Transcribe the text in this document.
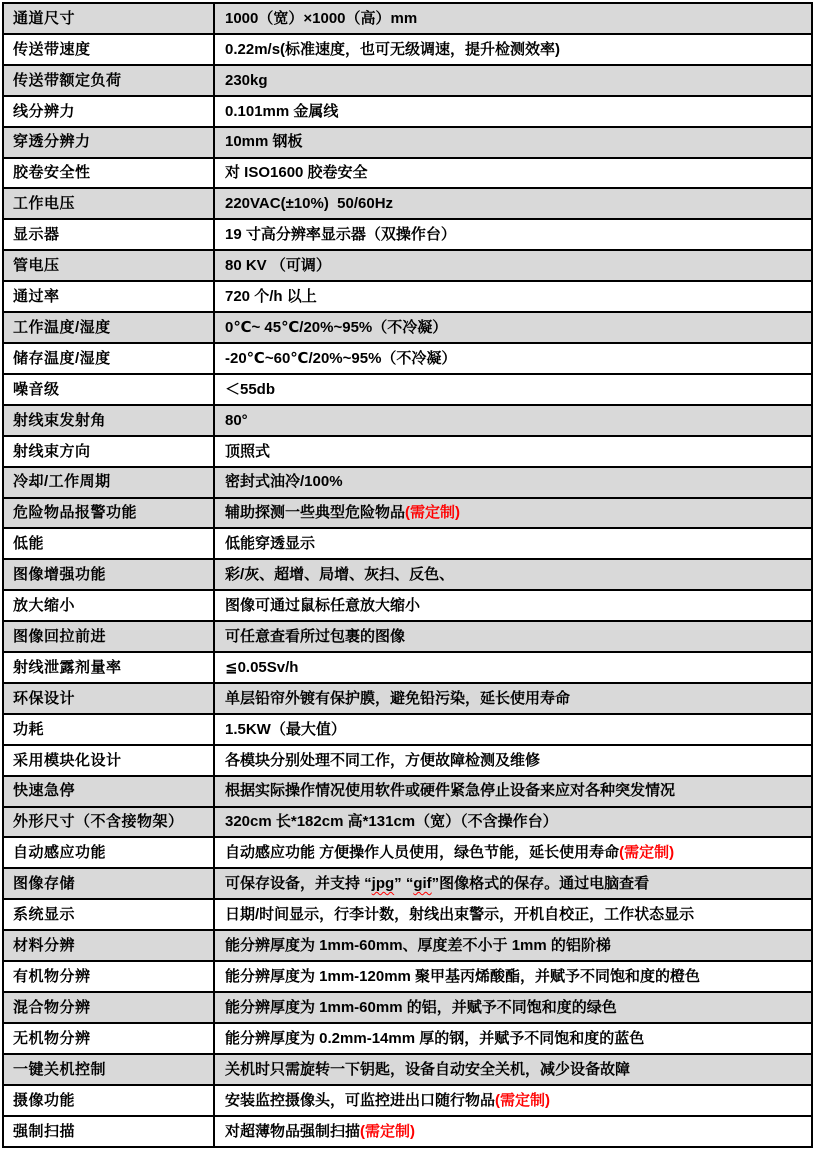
通道尺寸	1000（宽）×1000（高）mm
传送带速度	0.22m/s(标准速度，也可无级调速，提升检测效率)
传送带额定负荷	230kg
线分辨力	0.101mm 金属线
穿透分辨力	10mm 钢板
胶卷安全性	对 ISO1600 胶卷安全
工作电压	220VAC(±10%)  50/60Hz
显示器	19 寸高分辨率显示器（双操作台）
管电压	80 KV （可调）
通过率	720 个/h 以上
工作温度/湿度	0℃~ 45℃/20%~95%（不冷凝）
储存温度/湿度	-20℃~60℃/20%~95%（不冷凝）
噪音级	＜55db
射线束发射角	80°
射线束方向	顶照式
冷却/工作周期	密封式油冷/100%
危险物品报警功能	辅助探测一些典型危险物品(需定制)
低能	低能穿透显示
图像增强功能	彩/灰、超增、局增、灰扫、反色、
放大缩小	图像可通过鼠标任意放大缩小
图像回拉前进	可任意查看所过包裹的图像
射线泄露剂量率	≦0.05Sv/h
环保设计	单层铅帘外镀有保护膜，避免铅污染，延长使用寿命
功耗	1.5KW（最大值）
采用模块化设计	各模块分别处理不同工作，方便故障检测及维修
快速急停	根据实际操作情况使用软件或硬件紧急停止设备来应对各种突发情况
外形尺寸（不含接物架）	320cm 长*182cm 高*131cm（宽）（不含操作台）
自动感应功能	自动感应功能 方便操作人员使用，绿色节能，延长使用寿命(需定制)
图像存储	可保存设备，并支持 “jpg” “gif”图像格式的保存。通过电脑查看
系统显示	日期/时间显示，行李计数，射线出束警示，开机自校正，工作状态显示
材料分辨	能分辨厚度为 1mm-60mm、厚度差不小于 1mm 的铝阶梯
有机物分辨	能分辨厚度为 1mm-120mm 聚甲基丙烯酸酯，并赋予不同饱和度的橙色
混合物分辨	能分辨厚度为 1mm-60mm 的铝，并赋予不同饱和度的绿色
无机物分辨	能分辨厚度为 0.2mm-14mm 厚的钢，并赋予不同饱和度的蓝色
一键关机控制	关机时只需旋转一下钥匙，设备自动安全关机，减少设备故障
摄像功能	安装监控摄像头，可监控进出口随行物品(需定制)
强制扫描	对超薄物品强制扫描(需定制)
